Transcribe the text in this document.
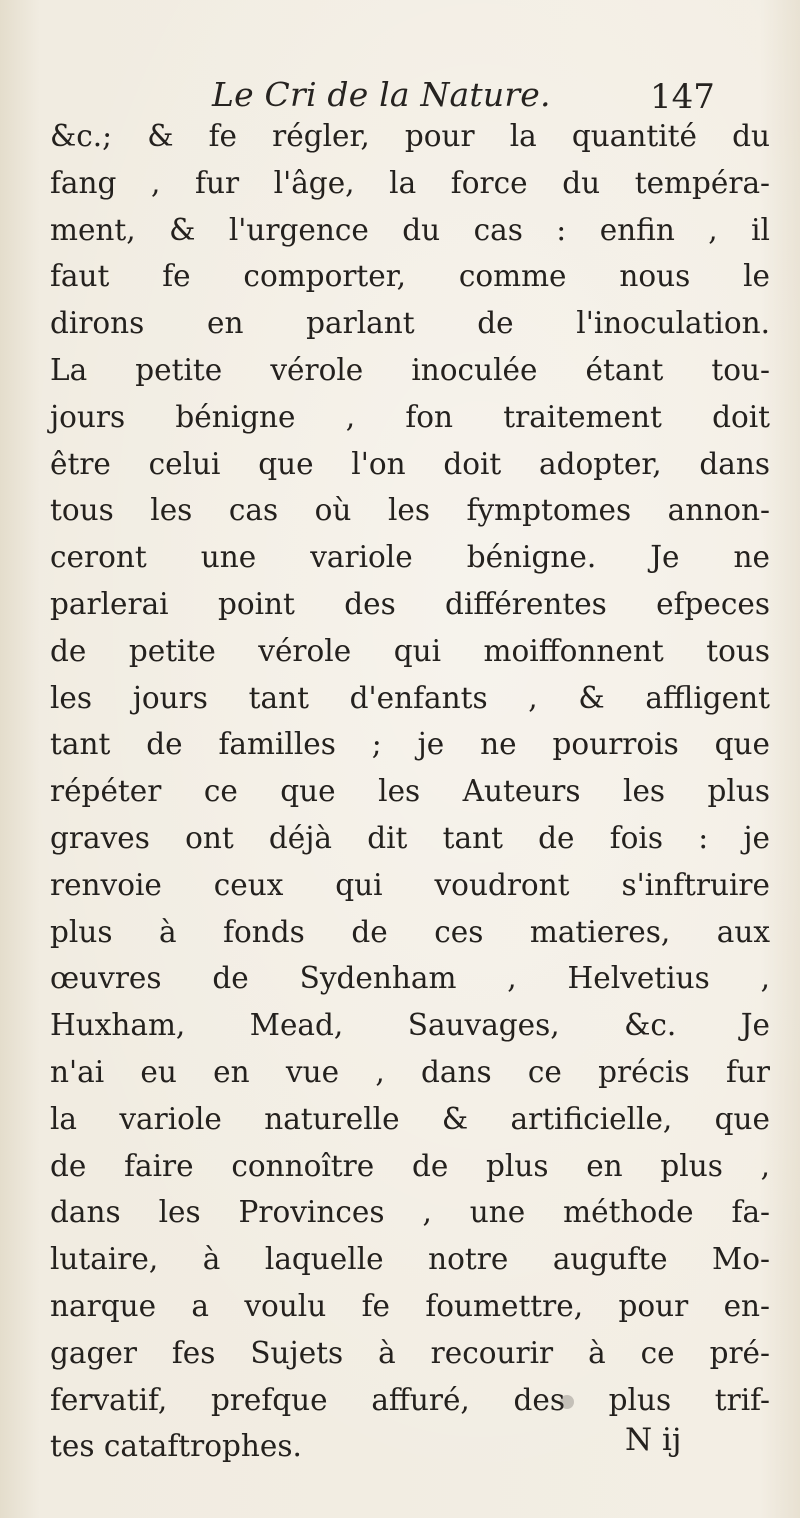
Le Cri de la Nature.	147
&c.; & fe régler, pour la quantité du
fang , fur l'âge, la force du tempéra-
ment, & l'urgence du cas : enfin , il
faut fe comporter, comme nous le
dirons en parlant de l'inoculation.
La petite vérole inoculée étant tou-
jours bénigne , fon traitement doit
être celui que l'on doit adopter, dans
tous les cas où les fymptomes annon-
ceront une variole bénigne. Je ne
parlerai point des différentes efpeces
de petite vérole qui moiffonnent tous
les jours tant d'enfants , & affligent
tant de familles ; je ne pourrois que
répéter ce que les Auteurs les plus
graves ont déjà dit tant de fois : je
renvoie ceux qui voudront s'inftruire
plus à fonds de ces matieres, aux
œuvres de Sydenham , Helvetius ,
Huxham, Mead, Sauvages, &c. Je
n'ai eu en vue , dans ce précis fur
la variole naturelle & artificielle, que
de faire connoître de plus en plus ,
dans les Provinces , une méthode fa-
lutaire, à laquelle notre augufte Mo-
narque a voulu fe foumettre, pour en-
gager fes Sujets à recourir à ce pré-
fervatif, prefque affuré, des plus trif-
tes cataftrophes.	N ij
